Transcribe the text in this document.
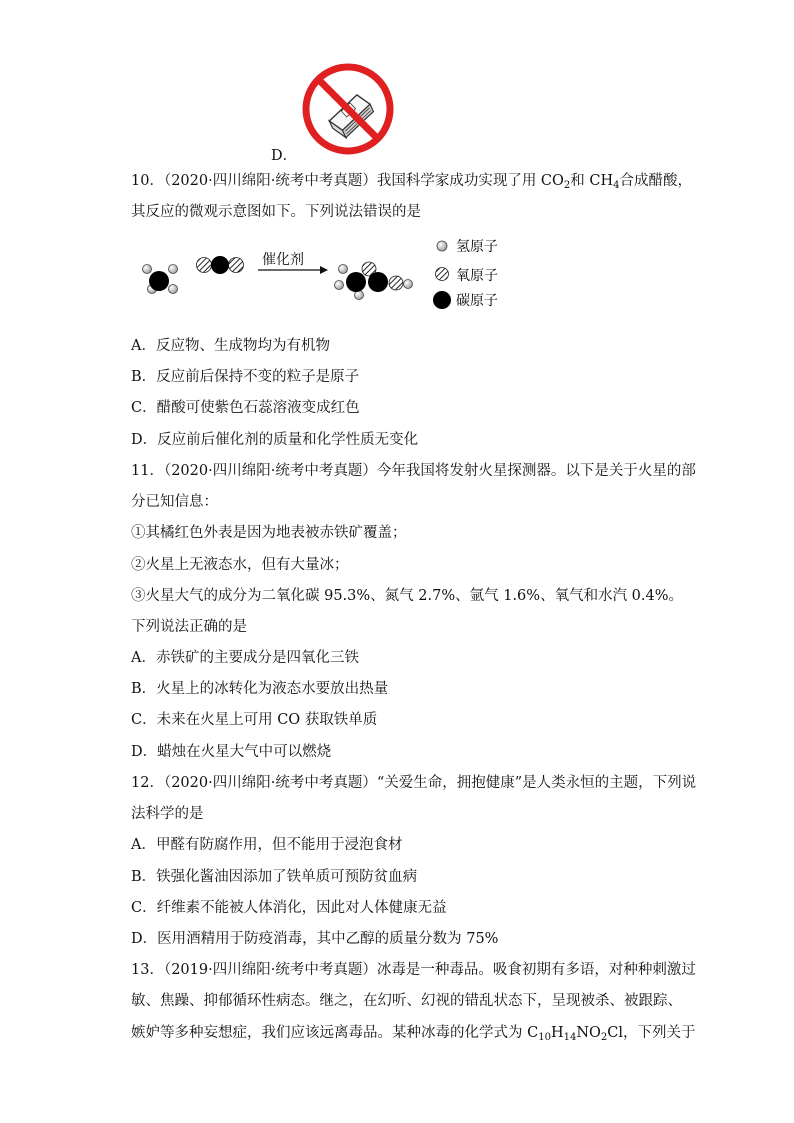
D．
10．（2020·四川绵阳·统考中考真题）我国科学家成功实现了用 $CO_2$和 $CH_4$合成醋酸，
其反应的微观示意图如下。下列说法错误的是
催化剂
氢原子
氧原子
碳原子
A．反应物、生成物均为有机物
B．反应前后保持不变的粒子是原子
C．醋酸可使紫色石蕊溶液变成红色
D．反应前后催化剂的质量和化学性质无变化
11．（2020·四川绵阳·统考中考真题）今年我国将发射火星探测器。以下是关于火星的部
分已知信息：
①其橘红色外表是因为地表被赤铁矿覆盖；
②火星上无液态水，但有大量冰；
③火星大气的成分为二氧化碳 95.3%、氮气 2.7%、氩气 1.6%、氧气和水汽 0.4%。
下列说法正确的是
A．赤铁矿的主要成分是四氧化三铁
B．火星上的冰转化为液态水要放出热量
C．未来在火星上可用 CO 获取铁单质
D．蜡烛在火星大气中可以燃烧
12．（2020·四川绵阳·统考中考真题）“关爱生命，拥抱健康”是人类永恒的主题，下列说
法科学的是
A．甲醛有防腐作用，但不能用于浸泡食材
B．铁强化酱油因添加了铁单质可预防贫血病
C．纤维素不能被人体消化，因此对人体健康无益
D．医用酒精用于防疫消毒，其中乙醇的质量分数为 75%
13．（2019·四川绵阳·统考中考真题）冰毒是一种毒品。吸食初期有多语，对种种刺激过
敏、焦躁、抑郁循环性病态。继之，在幻听、幻视的错乱状态下，呈现被杀、被跟踪、
嫉妒等多种妄想症，我们应该远离毒品。某种冰毒的化学式为 $C_{10}H_{14}NO_2Cl$，下列关于
